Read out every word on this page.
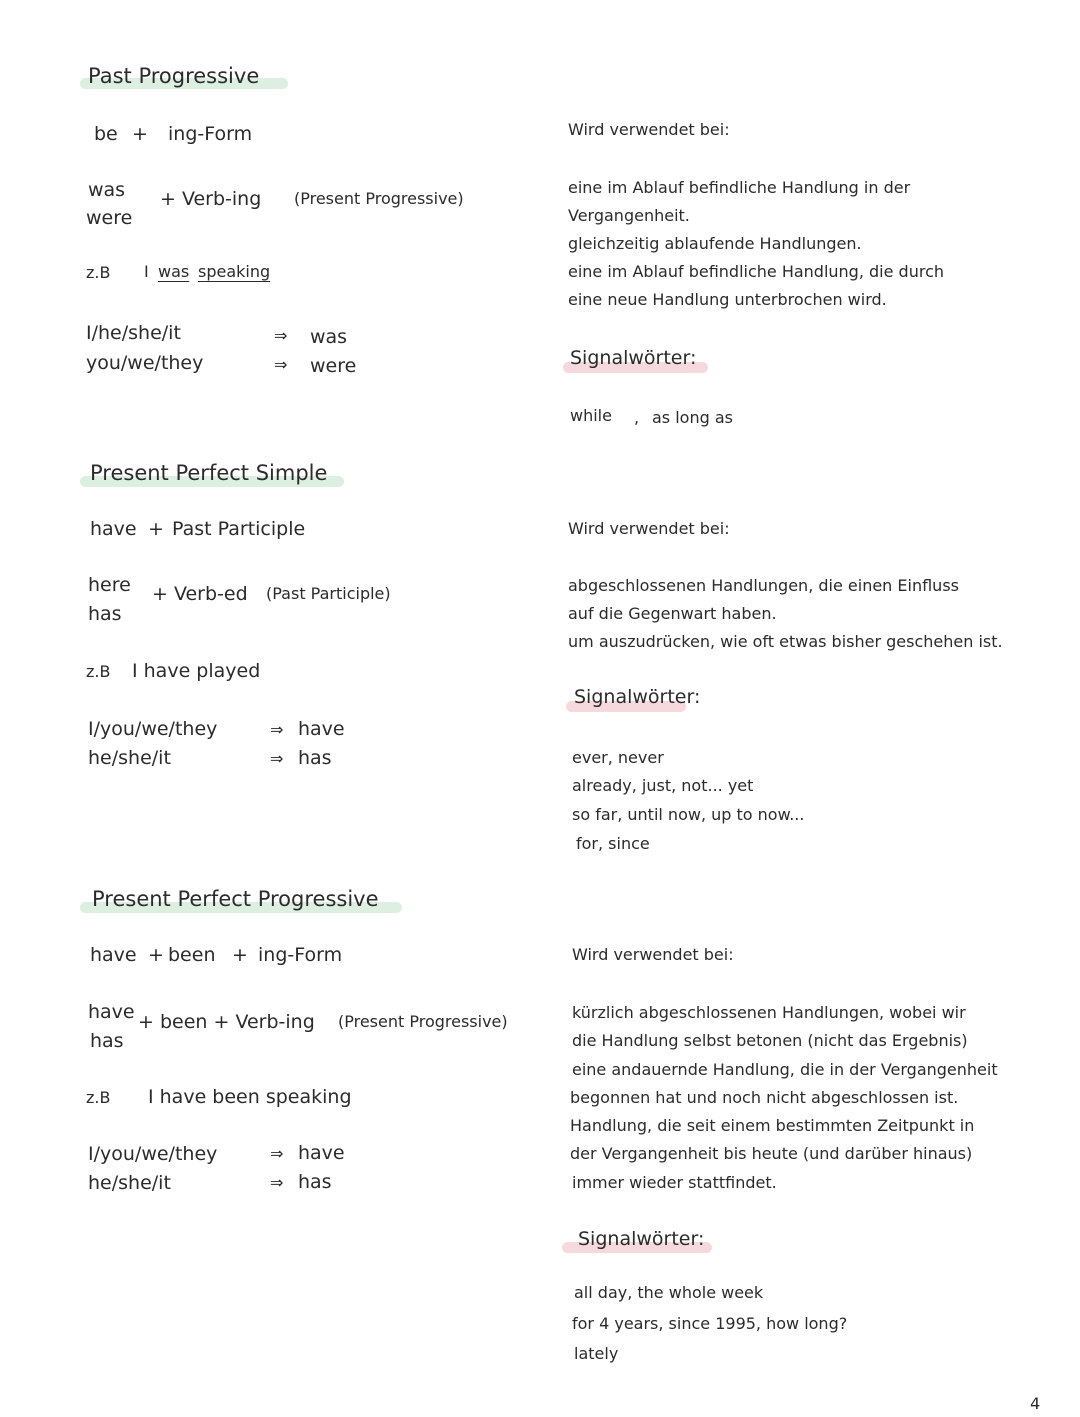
Past Progressive
be + ing-Form
was
were
+ Verb-ing (Present Progressive)
z.B I was speaking
I/he/she/it	⇒ was
you/we/they	⇒ were
Wird verwendet bei:
eine im Ablauf befindliche Handlung in der
Vergangenheit.
gleichzeitig ablaufende Handlungen.
eine im Ablauf befindliche Handlung, die durch
eine neue Handlung unterbrochen wird.
Signalwörter:
while , as long as
Present Perfect Simple
have + Past Participle
here
has
+ Verb-ed (Past Participle)
z.B I have played
I/you/we/they	⇒ have
he/she/it	⇒ has
Wird verwendet bei:
abgeschlossenen Handlungen, die einen Einfluss
auf die Gegenwart haben.
um auszudrücken, wie oft etwas bisher geschehen ist.
Signalwörter:
ever, never
already, just, not... yet
so far, until now, up to now...
for, since
Present Perfect Progressive
have + been + ing-Form
have
has
+ been + Verb-ing (Present Progressive)
z.B I have been speaking
I/you/we/they	⇒ have
he/she/it	⇒ has
Wird verwendet bei:
kürzlich abgeschlossenen Handlungen, wobei wir
die Handlung selbst betonen (nicht das Ergebnis)
eine andauernde Handlung, die in der Vergangenheit
begonnen hat und noch nicht abgeschlossen ist.
Handlung, die seit einem bestimmten Zeitpunkt in
der Vergangenheit bis heute (und darüber hinaus)
immer wieder stattfindet.
Signalwörter:
all day, the whole week
for 4 years, since 1995, how long?
lately
4
